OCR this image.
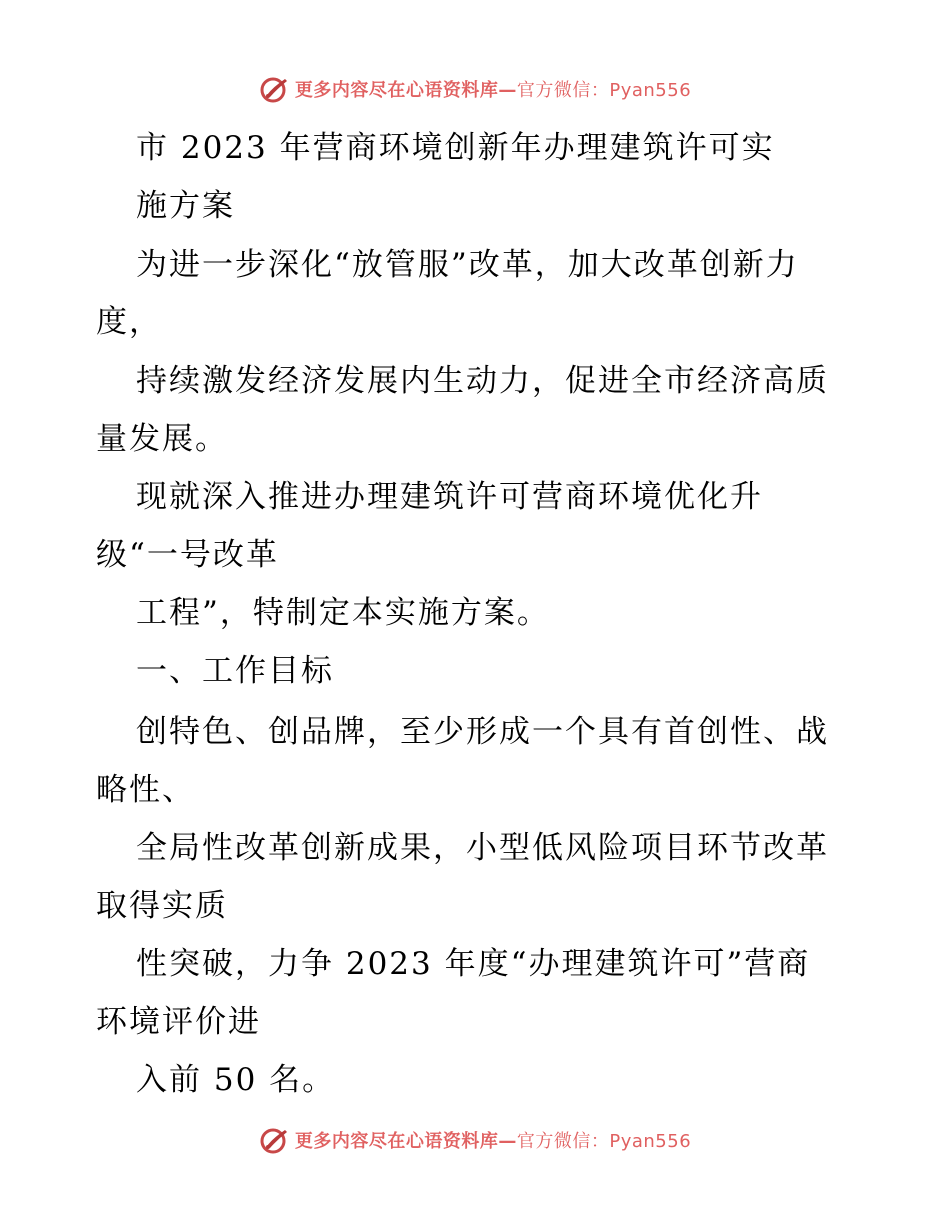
更多内容尽在心语资料库— 官方微信：Pyan556
市 2023 年营商环境创新年办理建筑许可实
施方案
为进一步深化“放管服”改革，加大改革创新力
度，
持续激发经济发展内生动力，促进全市经济高质
量发展。
现就深入推进办理建筑许可营商环境优化升
级“一号改革
工程”，特制定本实施方案。
一、工作目标
创特色、创品牌，至少形成一个具有首创性、战
略性、
全局性改革创新成果，小型低风险项目环节改革
取得实质
性突破，力争 2023 年度“办理建筑许可”营商
环境评价进
入前 50 名。
更多内容尽在心语资料库— 官方微信：Pyan556
